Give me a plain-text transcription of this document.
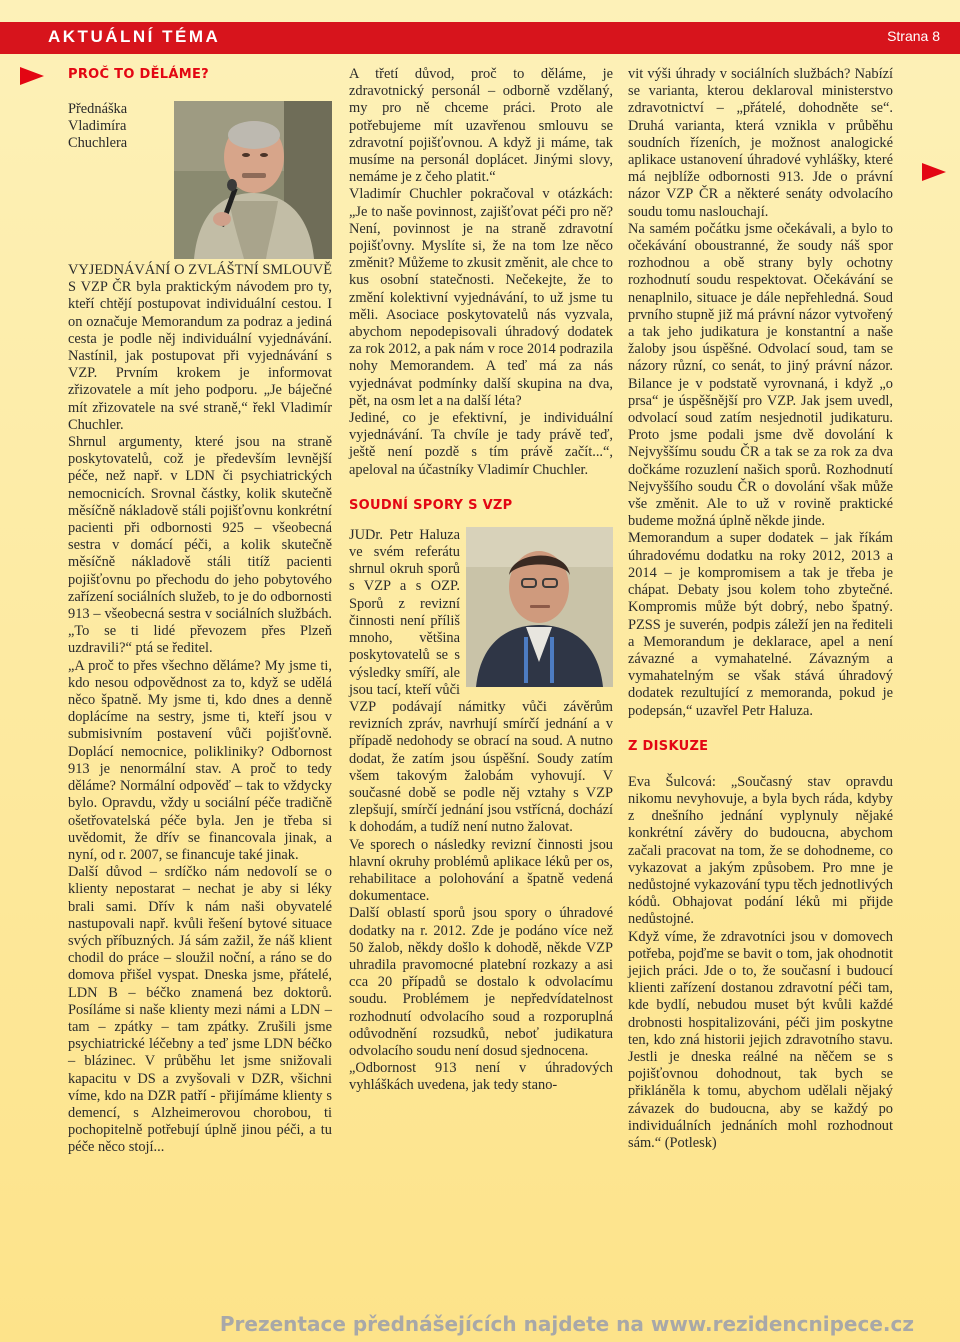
AKTUÁLNÍ TÉMA	Strana 8
PROČ TO DĚLÁME?

Přednáška Vladimíra Chuchlera VYJEDNÁVÁNÍ O ZVLÁŠTNÍ SMLOUVĚ S VZP ČR byla praktickým návodem pro ty, kteří chtějí postupovat individuální cestou. I on označuje Memorandum za podraz a jediná cesta je podle něj individuální vyjednávání. Nastínil, jak postupovat při vyjednávání s VZP. Prvním krokem je informovat zřizovatele a mít jeho podporu. „Je báječné mít zřizovatele na své straně,“ řekl Vladimír Chuchler.

Shrnul argumenty, které jsou na straně poskytovatelů, což je především levnější péče, než např. v LDN či psychiatrických nemocnicích. Srovnal částky, kolik skutečně měsíčně nákladově stáli pojišťovnu konkrétní pacienti při odbornosti 925 – všeobecná sestra v domácí péči, a kolik skutečně měsíčně nákladově stáli titíž pacienti pojišťovnu po přechodu do jeho pobytového zařízení sociálních služeb, to je do odbornosti 913 – všeobecná sestra v sociálních službách. „To se ti lidé převozem přes Plzeň uzdravili?“ ptá se ředitel.

„A proč to přes všechno děláme? My jsme ti, kdo nesou odpovědnost za to, když se udělá něco špatně. My jsme ti, kdo dnes a denně doplácíme na sestry, jsme ti, kteří jsou v submisivním postavení vůči pojišťovně. Doplácí nemocnice, polikliniky? Odbornost 913 je nenormální stav. A proč to tedy děláme? Normální odpověď – tak to vždycky bylo. Opravdu, vždy u sociální péče tradičně ošetřovatelská péče byla. Jen je třeba si uvědomit, že dřív se financovala jinak, a nyní, od r. 2007, se financuje také jinak.

Další důvod – srdíčko nám nedovolí se o klienty nepostarat – nechat je aby si léky brali sami. Dřív k nám naši obyvatelé nastupovali např. kvůli řešení bytové situace svých příbuzných. Já sám zažil, že náš klient chodil do práce – sloužil noční, a ráno se do domova přišel vyspat. Dneska jsme, přátelé, LDN B – béčko znamená bez doktorů. Posíláme si naše klienty mezi námi a LDN – tam – zpátky – tam zpátky. Zrušili jsme psychiatrické léčebny a teď jsme LDN béčko – blázinec. V průběhu let jsme snižovali kapacitu v DS a zvyšovali v DZR, všichni víme, kdo na DZR patří - přijímáme klienty s demencí, s Alzheimerovou chorobou, ti pochopitelně potřebují úplně jinou péči, a tu péče něco stojí...

A třetí důvod, proč to děláme, je zdravotnický personál – odborně vzdělaný, my pro ně chceme práci. Proto ale potřebujeme mít uzavřenou smlouvu se zdravotní pojišťovnou. A když ji máme, tak musíme na personál doplácet. Jinými slovy, nemáme je z čeho platit.“

Vladimír Chuchler pokračoval v otázkách: „Je to naše povinnost, zajišťovat péči pro ně? Není, povinnost je na straně zdravotní pojišťovny. Myslíte si, že na tom lze něco změnit? Můžeme to zkusit změnit, ale chce to kus osobní statečnosti. Nečekejte, že to změní kolektivní vyjednávání, to už jsme tu měli. Asociace poskytovatelů nás vyzvala, abychom nepodepisovali úhradový dodatek za rok 2012, a pak nám v roce 2014 podrazila nohy Memorandem. A teď má za nás vyjednávat podmínky další skupina na dva, pět, na osm let a na další léta?

Jediné, co je efektivní, je individuální vyjednávání. Ta chvíle je tady právě teď, ještě není pozdě s tím právě začít...“, apeloval na účastníky Vladimír Chuchler.

SOUDNÍ SPORY S VZP

JUDr. Petr Haluza ve svém referátu shrnul okruh sporů s VZP a s OZP. Sporů z revizní činnosti není příliš mnoho, většina poskytovatelů se s výsledky smíří, ale jsou tací, kteří vůči VZP podávají námitky vůči závěrům revizních zpráv, navrhují smírčí jednání a v případě nedohody se obrací na soud. A nutno dodat, že zatím jsou úspěšní. Soudy zatím všem takovým žalobám vyhovují. V současné době se podle něj vztahy s VZP zlepšují, smírčí jednání jsou vstřícná, dochází k dohodám, a tudíž není nutno žalovat.

Ve sporech o následky revizní činnosti jsou hlavní okruhy problémů aplikace léků per os, rehabilitace a polohování a špatně vedená dokumentace.

Další oblastí sporů jsou spory o úhradové dodatky na r. 2012. Zde je podáno více než 50 žalob, někdy došlo k dohodě, někde VZP uhradila pravomocné platební rozkazy a asi cca 20 případů se dostalo k odvolacímu soudu. Problémem je nepředvídatelnost rozhodnutí odvolacího soud a rozporuplná odůvodnění rozsudků, neboť judikatura odvolacího soudu není dosud sjednocena.

„Odbornost 913 není v úhradových vyhláškách uvedena, jak tedy stano-

vit výši úhrady v sociálních službách? Nabízí se varianta, kterou deklaroval ministerstvo zdravotnictví – „přátelé, dohodněte se“. Druhá varianta, která vznikla v průběhu soudních řízeních, je možnost analogické aplikace ustanovení úhradové vyhlášky, které má nejblíže odbornosti 913. Jde o právní názor VZP ČR a některé senáty odvolacího soudu tomu naslouchají.

Na samém počátku jsme očekávali, a bylo to očekávání oboustranné, že soudy náš spor rozhodnou a obě strany byly ochotny rozhodnutí soudu respektovat. Očekávání se nenaplnilo, situace je dále nepřehledná. Soud prvního stupně již má právní názor vytvořený a tak jeho judikatura je konstantní a naše žaloby jsou úspěšné. Odvolací soud, tam se názory různí, co senát, to jiný právní názor. Bilance je v podstatě vyrovnaná, i když „o prsa“ je úspěšnější pro VZP. Jak jsem uvedl, odvolací soud zatím nesjednotil judikaturu. Proto jsme podali jsme dvě dovolání k Nejvyššímu soudu ČR a tak se za rok za dva dočkáme rozuzlení našich sporů. Rozhodnutí Nejvyššího soudu ČR o dovolání však může vše změnit. Ale to už v rovině praktické budeme možná úplně někde jinde.

Memorandum a super dodatek – jak říkám úhradovému dodatku na roky 2012, 2013 a 2014 – je kompromisem a tak je třeba je chápat. Debaty jsou kolem toho zbytečné. Kompromis může být dobrý, nebo špatný. PZSS je suverén, podpis záleží jen na řediteli a Memorandum je deklarace, apel a není závazné a vymahatelné. Závazným a vymahatelným se však stává úhradový dodatek rezultující z memoranda, pokud je podepsán,“ uzavřel Petr Haluza.

Z DISKUZE

Eva Šulcová: „Současný stav opravdu nikomu nevyhovuje, a byla bych ráda, kdyby z dnešního jednání vyplynuly nějaké konkrétní závěry do budoucna, abychom začali pracovat na tom, že se dohodneme, co vykazovat a jakým způsobem. Pro mne je nedůstojné vykazování typu těch jednotlivých kódů. Obhajovat podání léků mi přijde nedůstojné.

Když víme, že zdravotníci jsou v domovech potřeba, pojďme se bavit o tom, jak ohodnotit jejich práci. Jde o to, že současní i budoucí klienti zařízení dostanou zdravotní péči tam, kde bydlí, nebudou muset být kvůli každé drobnosti hospitalizováni, péči jim poskytne ten, kdo zná historii jejich zdravotního stavu. Jestli je dneska reálné na něčem se s pojišťovnou dohodnout, tak bych se přikláněla k tomu, abychom udělali nějaký závazek do budoucna, aby se každý po individuálních jednáních mohl rozhodnout sám.“ (Potlesk)

Prezentace přednášejících najdete na www.rezidencnipece.cz
